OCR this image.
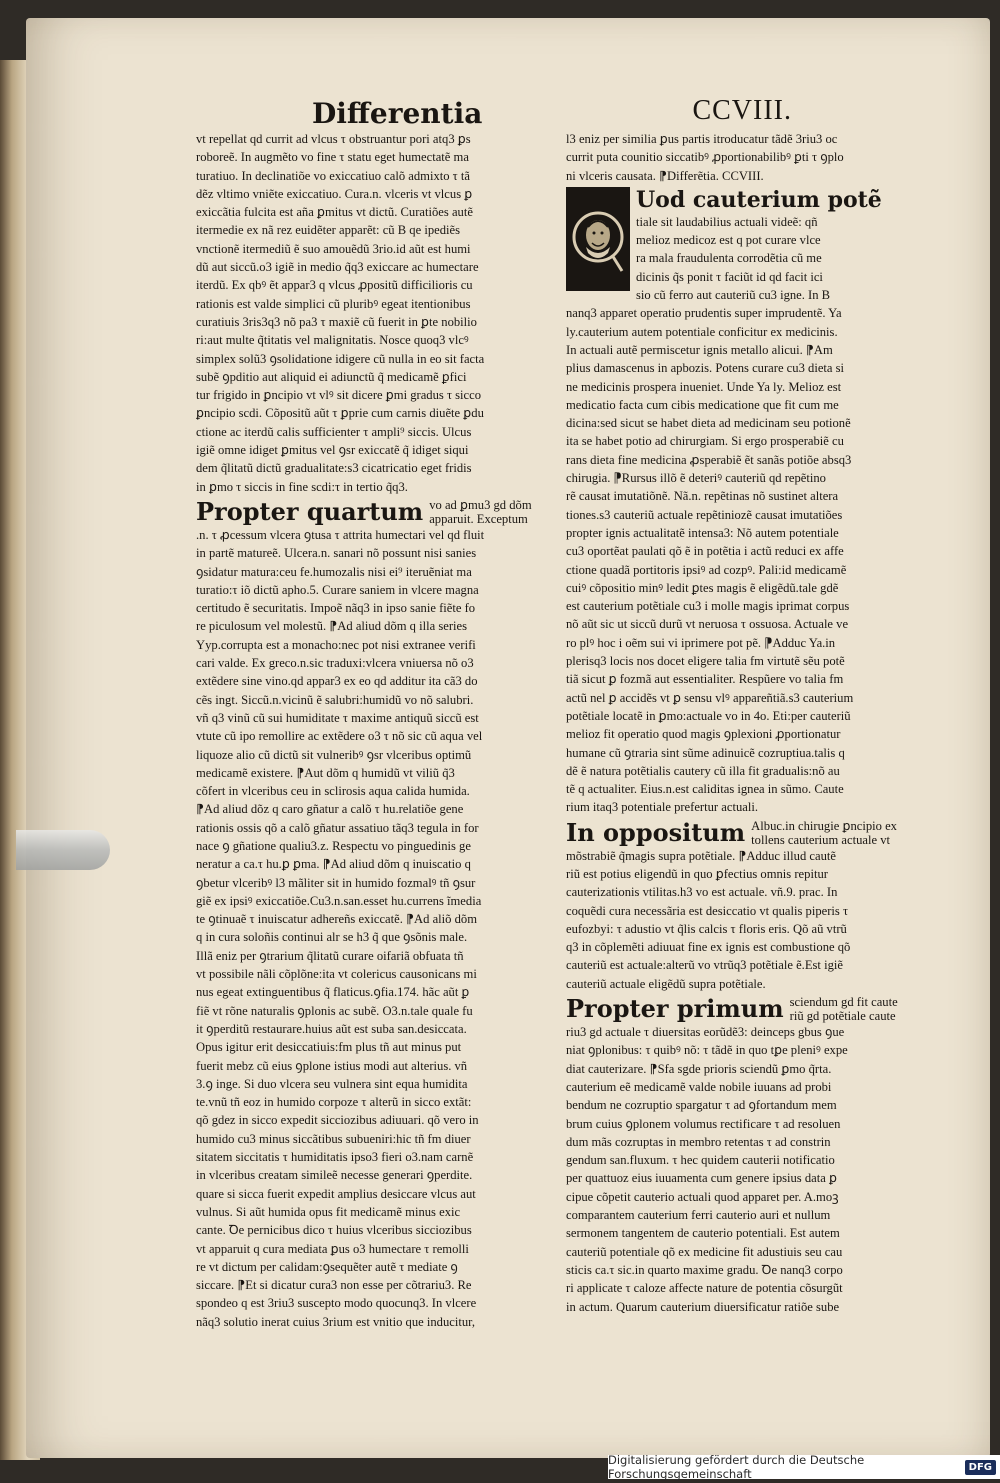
Differentia	CCVIII.

vt repellat qd currit ad vlcus τ obstruantur pori atq3 ꝑs

roboreẽ. In augmẽto vo fine τ statu eget humectatẽ ma

turatiuo. In declinatiõe vo exiccatiuo calõ admixto τ tã

dẽz vltimo vniẽte exiccatiuo. Cura.n. vlceris vt vlcus ꝑ

exiccãtia fulcita est aña ꝑmitus vt dictũ. Curatiões autẽ

itermedie ex nã rez euidẽter apparẽt: cũ B qe ipediẽs

vnctionẽ itermediũ ẽ suo amouẽdũ 3rio.id aũt est humi

dũ aut siccũ.o3 igiẽ in medio q̃q3 exiccare ac humectare

iterdũ. Ex qbꝰ ẽt appar3 q vlcus ꝓpositũ difficilioris cu

rationis est valde simplici cũ pluribꝰ egeat itentionibus

curatiuis 3ris3q3 nõ pa3 τ maxiẽ cũ fuerit in ꝑte nobilio

ri:aut multe q̃titatis vel malignitatis. Nosce quoq3 vlcꝰ

simplex solũ3 ꝯsolidatione idigere cũ nulla in eo sit facta

subẽ ꝯpditio aut aliquid ei adiunctũ q̃ medicamẽ ꝑfici

tur frigido in ꝑncipio vt vlꝰ sit dicere ꝑmi gradus τ sicco

ꝑncipio scdi. Cõpositũ aũt τ ꝑprie cum carnis diuẽte ꝑdu

ctione ac iterdũ calis sufficienter τ ampli⁹ siccis. Ulcus

igiẽ omne idiget ꝑmitus vel ꝯsr exiccatẽ q̃ idiget siqui

dem q̃litatũ dictũ gradualitate:s3 cicatricatio eget fridis

in ꝑmo τ siccis in fine scdi:τ in tertio q̃q3.

Propter quartum vo ad ꝑmu3 gd dõm
apparuit. Exceptum

.n. τ ꝓcessum vlcera ꝯtusa τ attrita humectari vel qd fluit

in partẽ matureẽ. Ulcera.n. sanari nõ possunt nisi sanies

ꝯsidatur matura:ceu fe.humozalis nisi ei⁹ iteruẽniat ma

turatio:τ iõ dictũ apho.5. Curare saniem in vlcere magna

certitudo ẽ securitatis. Impoẽ nãq3 in ipso sanie fiẽte fo

re piculosum vel molestũ. ⁋Ad aliud dõm q illa series

Yyp.corrupta est a monacho:nec pot nisi extranee verifi

cari valde. Ex greco.n.sic traduxi:vlcera vniuersa nõ o3

extẽdere sine vino.qd appar3 ex eo qd additur ita cã3 do

cẽs ingt. Siccũ.n.vicinũ ẽ salubri:humidũ vo nõ salubri.

vñ q3 vinũ cũ sui humiditate τ maxime antiquũ siccũ est

vtute cũ ipo remollire ac extẽdere o3 τ nõ sic cũ aqua vel

liquoze alio cũ dictũ sit vulneribꝰ ꝯsr vlceribus optimũ

medicamẽ existere. ⁋Aut dõm q humidũ vt viliũ q̃3

cõfert in vlceribus ceu in sclirosis aqua calida humida.

⁋Ad aliud dõz q caro gñatur a calõ τ hu.relatiõe gene

rationis ossis qõ a calõ gñatur assatiuo tãq3 tegula in for

nace ꝯ gñatione qualiu3.z. Respectu vo pinguedinis ge

neratur a ca.τ hu.ꝑ ꝑma. ⁋Ad aliud dõm q inuiscatio q

ꝯbetur vlceribꝰ l3 mãliter sit in humido fozmalꝰ tñ ꝯsur

giẽ ex ipsiꝰ exiccatiõe.Cu3.n.san.esset hu.currens ĩmedia

te ꝯtinuaẽ τ inuiscatur adhereñs exiccatẽ. ⁋Ad aliõ dõm

q in cura soloñis continui alr se h3 q̃ que ꝯsõnis male.

Illã eniz per ꝯtrarium q̃litatũ curare oifariã obfuata tñ

vt possibile nãli cõplõne:ita vt colericus causonicans mi

nus egeat extinguentibus q̃ flaticus.ꝯfia.174. hãc aũt ꝑ

fiẽ vt rõne naturalis ꝯplonis ac subẽ. O3.n.tale quale fu

it ꝯperditũ restaurare.huius aũt est suba san.desiccata.

Opus igitur erit desiccatiuis:fm plus tñ aut minus put

fuerit mebz cũ eius ꝯplone istius modi aut alterius. vñ

3.ꝯ inge. Si duo vlcera seu vulnera sint equa humidita

te.vnũ tñ eoz in humido corpoze τ alterũ in sicco extãt:

qõ gdez in sicco expedit sicciozibus adiuuari. qõ vero in

humido cu3 minus siccãtibus subueniri:hic tñ fm diuer

sitatem siccitatis τ humiditatis ipso3 fieri o3.nam carnẽ

in vlceribus creatam simileẽ necesse generari ꝯperdite.

quare si sicca fuerit expedit amplius desiccare vlcus aut

vulnus. Si aũt humida opus fit medicamẽ minus exic

cante. Ꝺe pernicibus dico τ huius vlceribus sicciozibus

vt apparuit q cura mediata ꝑus o3 humectare τ remolli

re vt dictum per calidam:ꝯsequẽter autẽ τ mediate ꝯ

siccare. ⁋Et si dicatur cura3 non esse per cõtrariu3. Re

spondeo q est 3riu3 suscepto modo quocunq3. In vlcere

nãq3 solutio inerat cuius 3rium est vnitio que inducitur,

l3 eniz per similia ꝑus partis itroducatur tãdẽ 3riu3 oc

currit puta counitio siccatibꝰ ꝓportionabilibꝰ ꝑti τ ꝯplo

ni vlceris causata. ⁋Differẽtia. CCVIII.

Uod cauterium potẽ

tiale sit laudabilius actuali videẽ: qñ

melioz medicoz est q pot curare vlce

ra mala fraudulenta corrodẽtia cũ me

dicinis q̃s ponit τ faciũt id qd facit ici

sio cũ ferro aut cauteriũ cu3 igne. In B

nanq3 apparet operatio prudentis super imprudentẽ. Ya

ly.cauterium autem potentiale conficitur ex medicinis.

In actuali autẽ permiscetur ignis metallo alicui. ⁋Am

plius damascenus in apbozis. Potens curare cu3 dieta si

ne medicinis prospera inueniet. Unde Ya ly. Melioz est

medicatio facta cum cibis medicatione que fit cum me

dicina:sed sicut se habet dieta ad medicinam seu potionẽ

ita se habet potio ad chirurgiam. Si ergo prosperabiẽ cu

rans dieta fine medicina ꝓsperabiẽ ẽt sanãs potiõe absq3

chirugia. ⁋Rursus illõ ẽ deteriꝰ cauteriũ qd repẽtino

rẽ causat imutatiõnẽ. Nã.n. repẽtinas nõ sustinet altera

tiones.s3 cauteriũ actuale repẽtiniozẽ causat imutatiões

propter ignis actualitatẽ intensa3: Nõ autem potentiale

cu3 oportẽat paulati qõ ẽ in potẽtia i actũ reduci ex affe

ctione quadã portitoris ipsiꝰ ad cozpꝰ. Pali:id medicamẽ

cuiꝰ cõpositio minꝰ ledit ꝑtes magis ẽ eligẽdũ.tale gdẽ

est cauterium potẽtiale cu3 i molle magis iprimat corpus

nõ aũt sic ut siccũ durũ vt neruosa τ ossuosa. Actuale ve

ro plꝰ hoc i oẽm sui vi iprimere pot pẽ. ⁋Adduc Ya.in

plerisq3 locis nos docet eligere talia fm virtutẽ sẽu potẽ

tiã sicut ꝑ fozmã aut essentialiter. Respũere vo talia fm

actũ nel ꝑ accidẽs vt ꝑ sensu vlꝰ appareñtiã.s3 cauterium

potẽtiale locatẽ in ꝑmo:actuale vo in 4o. Eti:per cauteriũ

melioz fit operatio quod magis ꝯplexioni ꝓportionatur

humane cũ ꝯtraria sint sũme adinuicẽ cozruptiua.talis q

dẽ ẽ natura potẽtialis cautery cũ illa fit gradualis:nõ au

tẽ q actualiter. Eius.n.est caliditas ignea in sũmo. Caute

rium itaq3 potentiale prefertur actuali.

In oppositum Albuc.in chirugie ꝑncipio ex
tollens cauterium actuale vt

mõstrabiẽ q̃magis supra potẽtiale. ⁋Adduc illud cautẽ

riũ est potius eligendũ in quo ꝑfectius omnis repitur

cauterizationis vtilitas.h3 vo est actuale. vñ.9. prac. In

coquẽdi cura necessãria est desiccatio vt qualis piperis τ

eufozbyi: τ adustio vt q̃lis calcis τ floris eris. Qõ aũ vtrũ

q3 in cõplemẽti adiuuat fine ex ignis est combustione qõ

cauteriũ est actuale:alterũ vo vtrũq3 potẽtiale ẽ.Est igiẽ

cauteriũ actuale eligẽdũ supra potẽtiale.

Propter primum sciendum gd fit caute
riũ gd potẽtiale caute

riu3 gd actuale τ diuersitas eorũdẽ3: deinceps gbus ꝯue

niat ꝯplonibus: τ quibꝰ nõ: τ tãdẽ in quo tꝑe pleniꝰ expe

diat cauterizare. ⁋Sfa sgde prioris sciendũ ꝑmo q̃rta.

cauterium eẽ medicamẽ valde nobile iuuans ad probi

bendum ne cozruptio spargatur τ ad ꝯfortandum mem

brum cuius ꝯplonem volumus rectificare τ ad resoluen

dum mãs cozruptas in membro retentas τ ad constrin

gendum san.fluxum. τ hec quidem cauterii notificatio

per quattuoz eius iuuamenta cum genere ipsius data ꝑ

cipue cõpetit cauterio actuali quod apparet per. A.moꝫ

comparantem cauterium ferri cauterio auri et nullum

sermonem tangentem de cauterio potentiali. Est autem

cauteriũ potentiale qõ ex medicine fit adustiuis seu cau

sticis ca.τ sic.in quarto maxime gradu. Ꝺe nanq3 corpo

ri applicate τ caloze affecte nature de potentia cõsurgũt

in actum. Quarum cauterium diuersificatur ratiõe sube

Digitalisierung gefördert durch die Deutsche Forschungsgemeinschaft	DFG
